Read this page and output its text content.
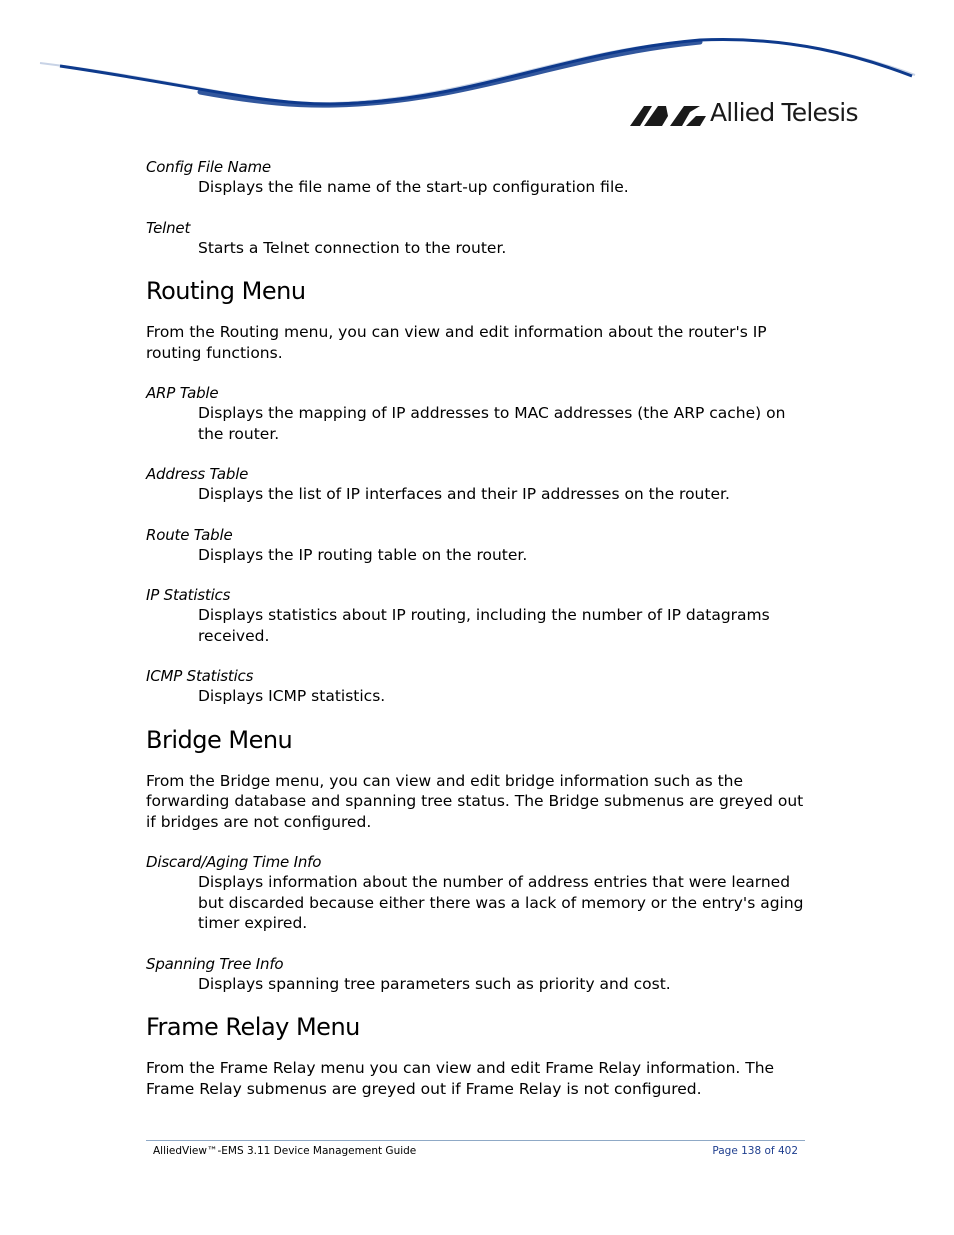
Allied Telesis

Config File Name

Displays the file name of the start-up configuration file.

Telnet

Starts a Telnet connection to the router.

Routing Menu

From the Routing menu, you can view and edit information about the router's IP routing functions.

ARP Table

Displays the mapping of IP addresses to MAC addresses (the ARP cache) on the router.

Address Table

Displays the list of IP interfaces and their IP addresses on the router.

Route Table

Displays the IP routing table on the router.

IP Statistics

Displays statistics about IP routing, including the number of IP datagrams received.

ICMP Statistics

Displays ICMP statistics.

Bridge Menu

From the Bridge menu, you can view and edit bridge information such as the forwarding database and spanning tree status. The Bridge submenus are greyed out if bridges are not configured.

Discard/Aging Time Info

Displays information about the number of address entries that were learned but discarded because either there was a lack of memory or the entry's aging timer expired.

Spanning Tree Info

Displays spanning tree parameters such as priority and cost.

Frame Relay Menu

From the Frame Relay menu you can view and edit Frame Relay information. The Frame Relay submenus are greyed out if Frame Relay is not configured.

AlliedView™-EMS 3.11 Device Management Guide	Page 138 of 402
